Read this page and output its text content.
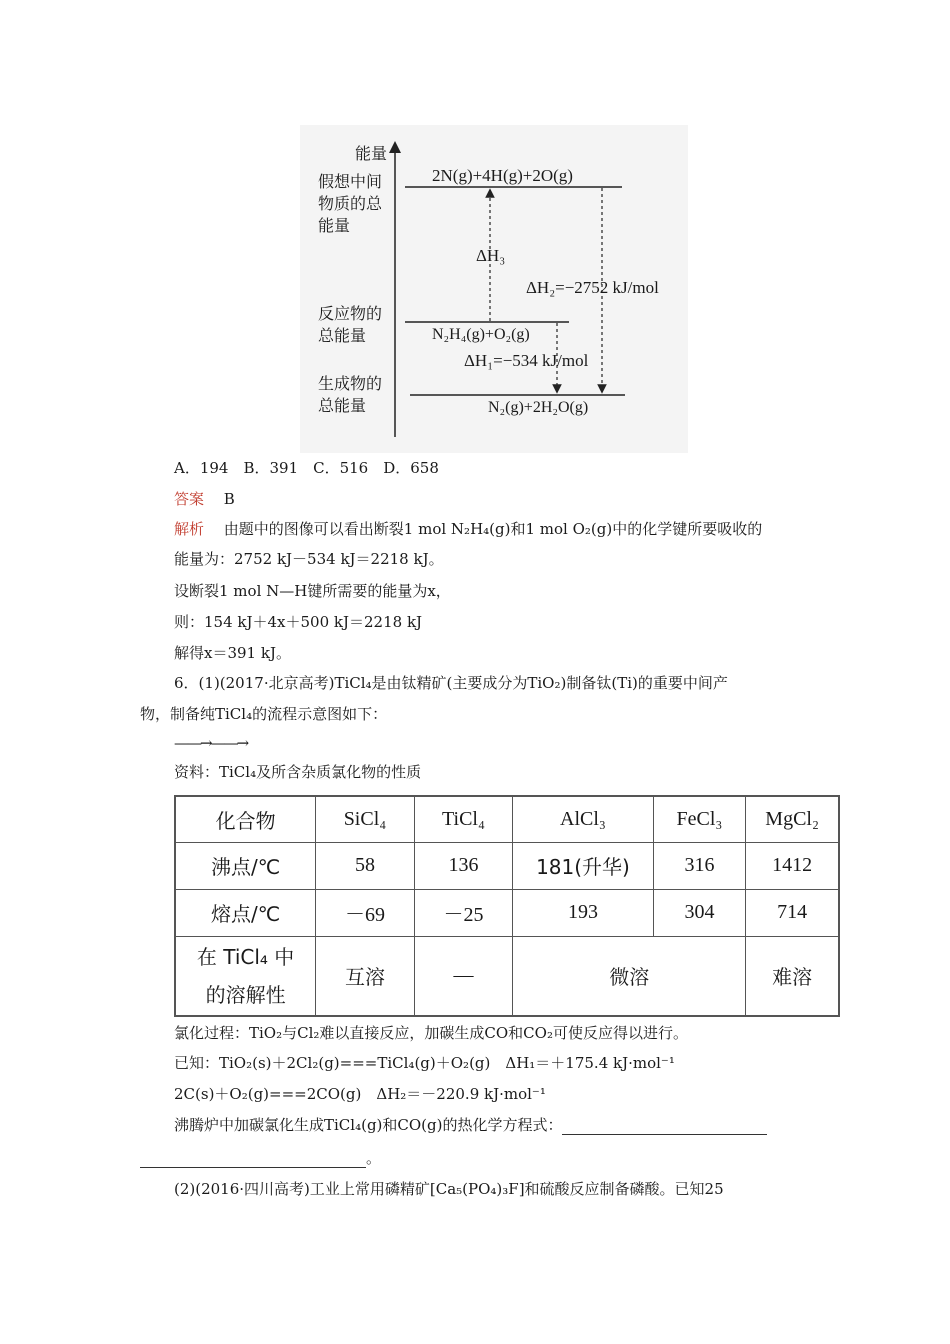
能量
假想中间
物质的总
能量
反应物的
总能量
生成物的
总能量
2N(g)+4H(g)+2O(g)
N₂H₄(g)+O₂(g)
N₂(g)+2H₂O(g)
ΔH₃
ΔH₂=−2752 kJ/mol
ΔH₁=−534 kJ/mol
A．194　B．391　C．516　D．658
答案　 B
解析　 由题中的图像可以看出断裂1 mol N₂H₄(g)和1 mol O₂(g)中的化学键所要吸收的
能量为：2752 kJ－534 kJ＝2218 kJ。
设断裂1 mol N—H键所需要的能量为x，
则：154 kJ＋4x＋500 kJ＝2218 kJ
解得x＝391 kJ。
6．(1)(2017·北京高考)TiCl₄是由钛精矿(主要成分为TiO₂)制备钛(Ti)的重要中间产
物，制备纯TiCl₄的流程示意图如下：
——→——→
资料：TiCl₄及所含杂质氯化物的性质
化合物	SiCl₄	TiCl₄	AlCl₃	FeCl₃	MgCl₂
沸点/℃	58	136	181(升华)	316	1412
熔点/℃	－69	－25	193	304	714

在 TiCl₄ 中
的溶解性	互溶	—	微溶		难溶
氯化过程：TiO₂与Cl₂难以直接反应，加碳生成CO和CO₂可使反应得以进行。
已知：TiO₂(s)＋2Cl₂(g)===TiCl₄(g)＋O₂(g)　ΔH₁＝＋175.4 kJ·mol⁻¹
2C(s)＋O₂(g)===2CO(g)　ΔH₂＝－220.9 kJ·mol⁻¹
沸腾炉中加碳氯化生成TiCl₄(g)和CO(g)的热化学方程式：
。
(2)(2016·四川高考)工业上常用磷精矿[Ca₅(PO₄)₃F]和硫酸反应制备磷酸。已知25
